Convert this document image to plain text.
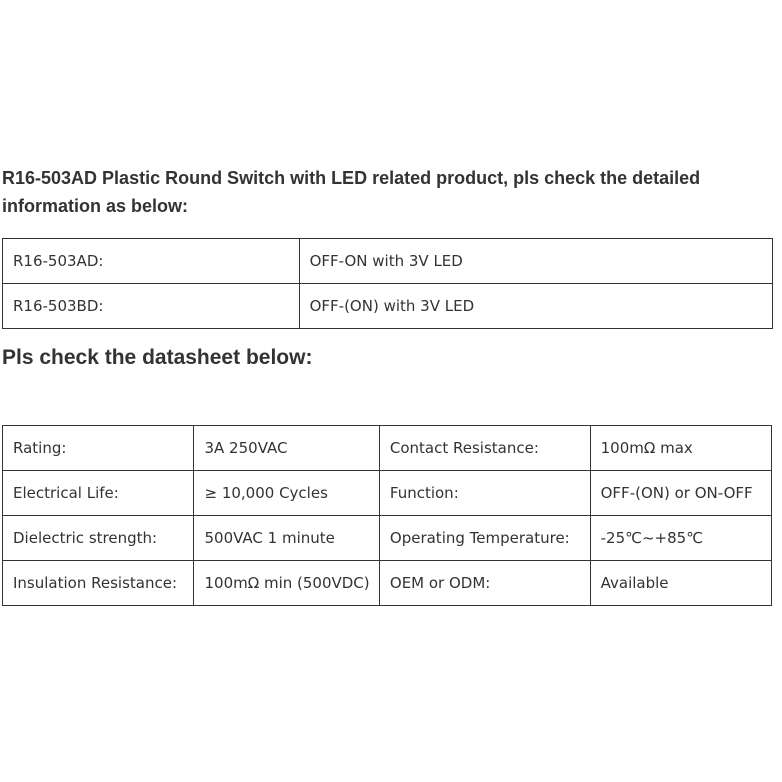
R16-503AD Plastic Round Switch with LED related product, pls check the detailed information as below:
R16-503AD:	OFF-ON with 3V LED
R16-503BD:	OFF-(ON) with 3V LED
Pls check the datasheet below:
Rating:	3A 250VAC	Contact Resistance:	100mΩ max
Electrical Life:	≥ 10,000 Cycles	Function:	OFF-(ON) or ON-OFF
Dielectric strength:	500VAC 1 minute	Operating Temperature:	-25℃~+85℃
Insulation Resistance:	100mΩ min (500VDC)	OEM or ODM:	Available
